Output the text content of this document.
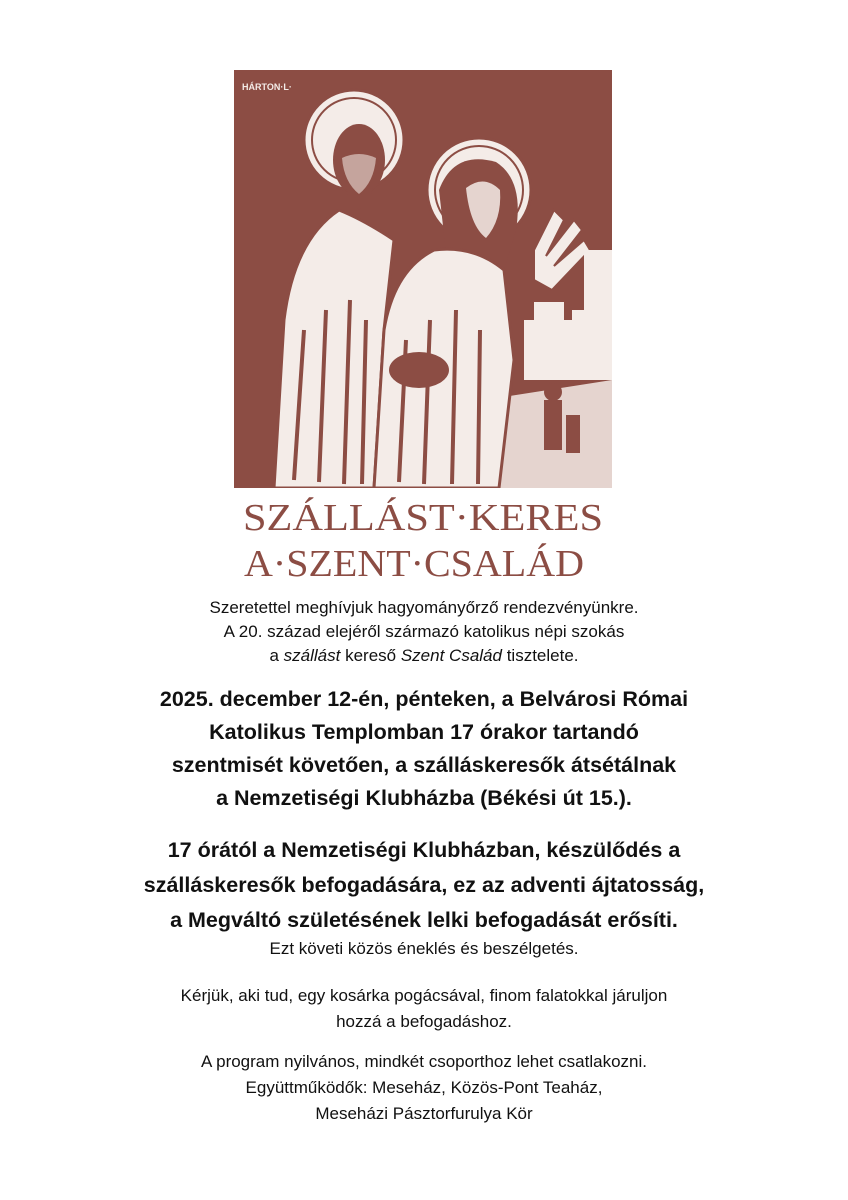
HÁRTON·L·
SZÁLLÁST·KERES
A·SZENT·CSALÁD
Szeretettel meghívjuk hagyományőrző rendezvényünkre.
A 20. század elejéről származó katolikus népi szokás
a szállást kereső Szent Család tisztelete.
2025. december 12-én, pénteken, a Belvárosi Római
Katolikus Templomban 17 órakor tartandó
szentmisét követően, a szálláskeresők átsétálnak
a Nemzetiségi Klubházba (Békési út 15.).
17 órától a Nemzetiségi Klubházban, készülődés a
szálláskeresők befogadására, ez az adventi ájtatosság,
a Megváltó születésének lelki befogadását erősíti.
Ezt követi közös éneklés és beszélgetés.
Kérjük, aki tud, egy kosárka pogácsával, finom falatokkal járuljon
hozzá a befogadáshoz.
A program nyilvános, mindkét csoporthoz lehet csatlakozni.
Együttműködők: Meseház, Közös-Pont Teaház,
Meseházi Pásztorfurulya Kör
